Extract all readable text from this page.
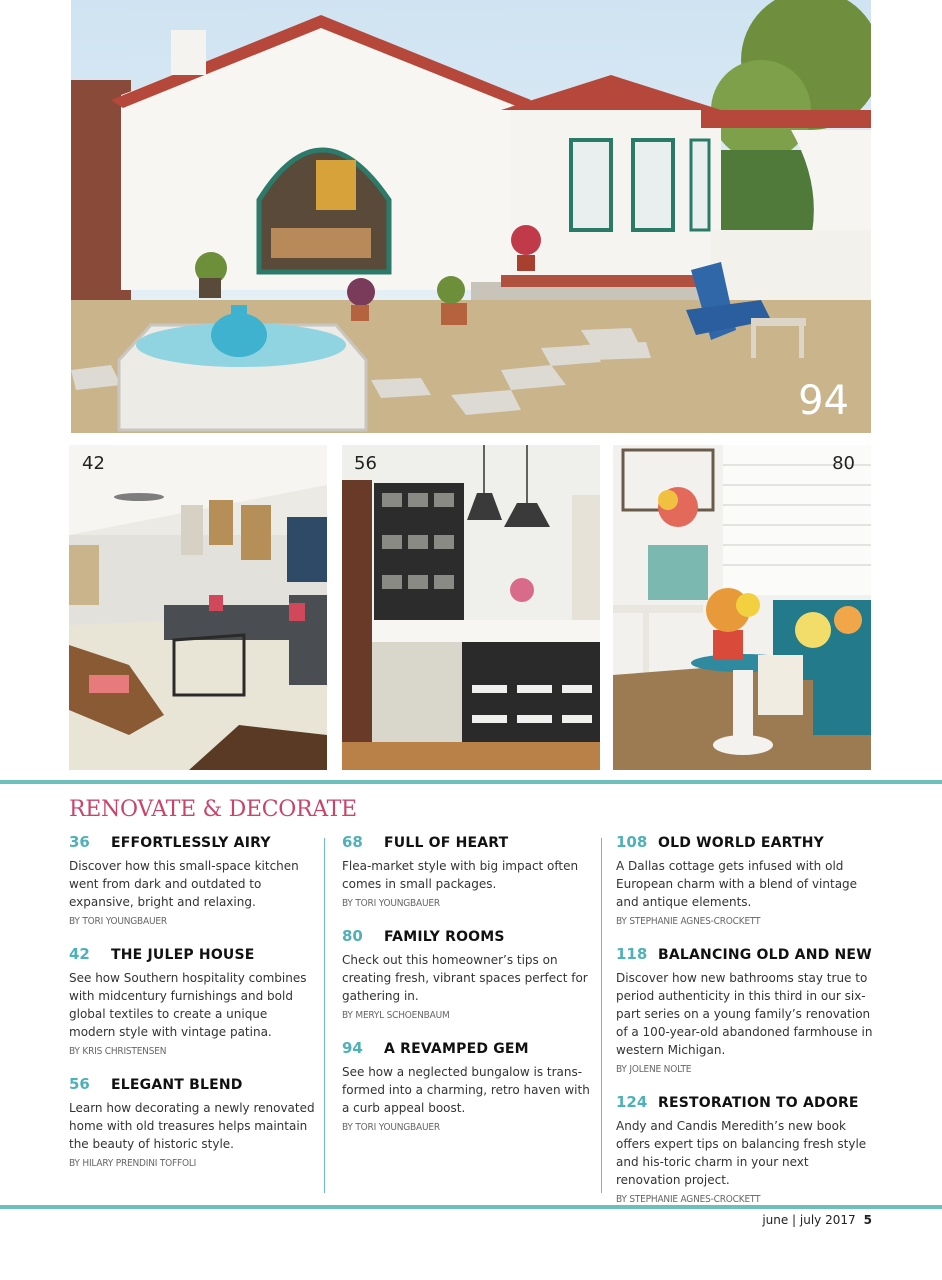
94
42	56	80
RENOVATE & DECORATE
36	EFFORTLESSLY AIRY
Discover how this small-space kitchen went from dark and outdated to expansive, bright and relaxing.
BY TORI YOUNGBAUER
42	THE JULEP HOUSE
See how Southern hospitality combines with midcentury furnishings and bold global textiles to create a unique modern style with vintage patina.
BY KRIS CHRISTENSEN
56	ELEGANT BLEND
Learn how decorating a newly renovated home with old treasures helps maintain the beauty of historic style.
BY HILARY PRENDINI TOFFOLI
68	FULL OF HEART
Flea-market style with big impact often comes in small packages.
BY TORI YOUNGBAUER
80	FAMILY ROOMS
Check out this homeowner’s tips on creating fresh, vibrant spaces perfect for gathering in.
BY MERYL SCHOENBAUM
94	A REVAMPED GEM
See how a neglected bungalow is trans-formed into a charming, retro haven with a curb appeal boost.
BY TORI YOUNGBAUER
108 OLD WORLD EARTHY
A Dallas cottage gets infused with old European charm with a blend of vintage and antique elements.
BY STEPHANIE AGNES-CROCKETT
118 BALANCING OLD AND NEW
Discover how new bathrooms stay true to period authenticity in this third in our six-part series on a young family’s renovation of a 100-year-old abandoned farmhouse in western Michigan.
BY JOLENE NOLTE
124 RESTORATION TO ADORE
Andy and Candis Meredith’s new book offers expert tips on balancing fresh style and his-toric charm in your next renovation project.
BY STEPHANIE AGNES-CROCKETT
june | july 2017 5
